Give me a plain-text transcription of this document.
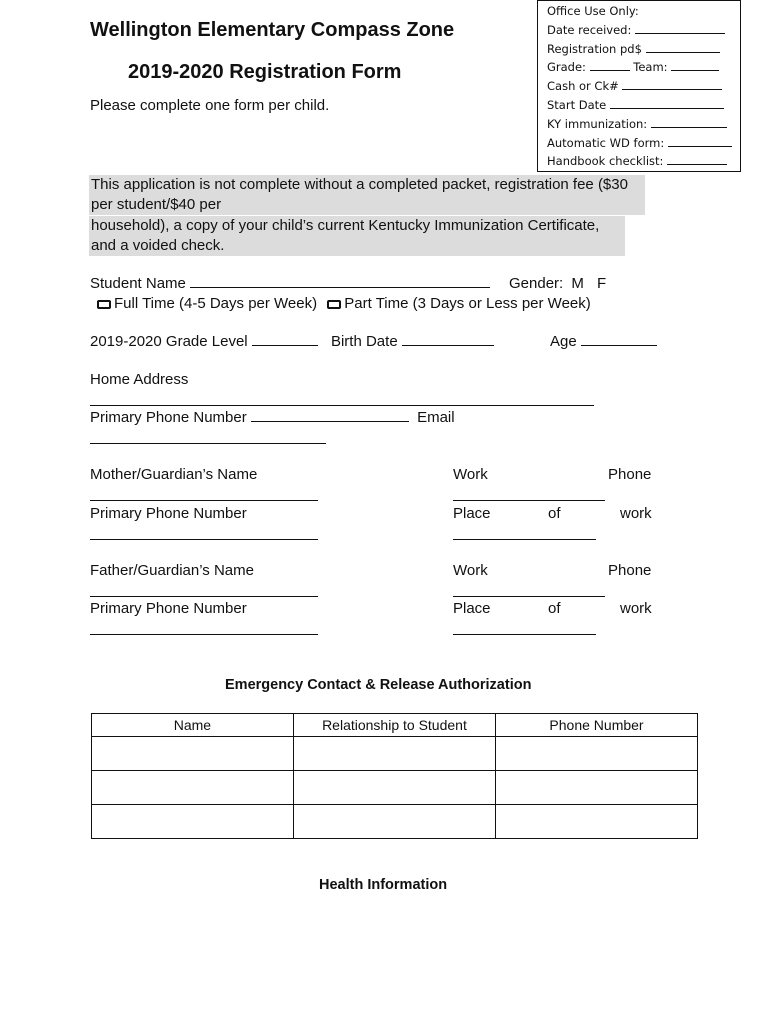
Wellington Elementary Compass Zone
2019-2020 Registration Form
Please complete one form per child.
Office Use Only:
Date received:
Registration pd$
Grade:	Team:
Cash or Ck#
Start Date
KY immunization:
Automatic WD form:
Handbook checklist:
This application is not complete without a completed packet, registration fee ($30 per student/$40 per
household), a copy of your child’s current Kentucky Immunization Certificate, and a voided check.
Student Name	Gender: M F
Full Time (4-5 Days per Week) Part Time (3 Days or Less per Week)
2019-2020 Grade Level	Birth Date	Age
Home Address
Primary Phone Number	Email
Mother/Guardian’s Name	Work	Phone
Primary Phone Number	Place	of	work
Father/Guardian’s Name	Work	Phone
Primary Phone Number	Place	of	work
Emergency Contact & Release Authorization
Name	Relationship to Student	Phone Number

Health Information
